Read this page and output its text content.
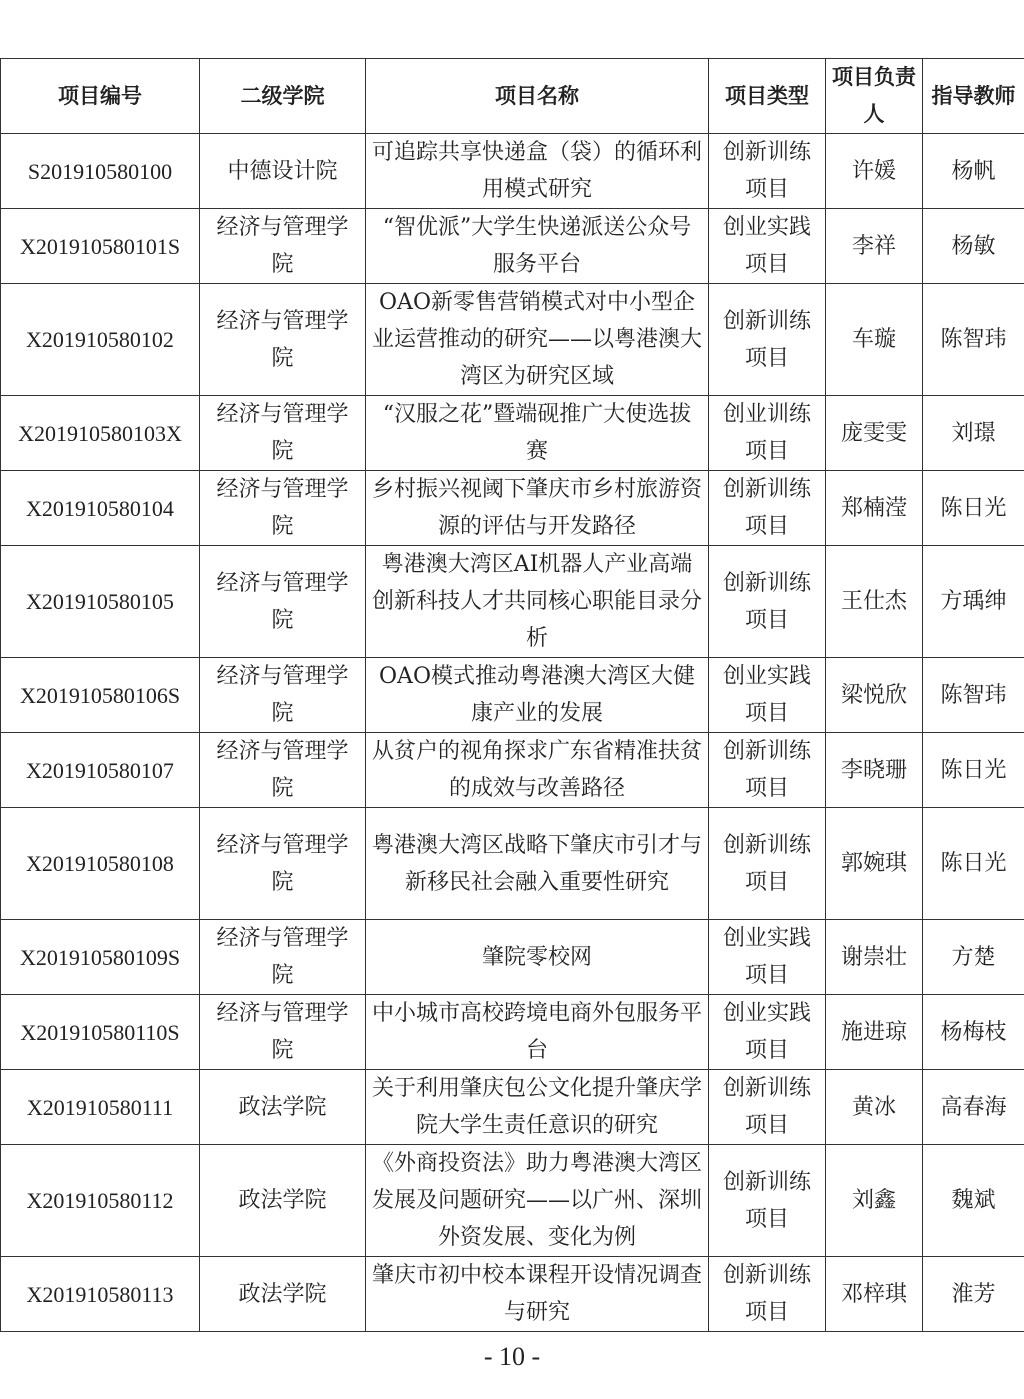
项目编号	二级学院	项目名称	项目类型	项目负责人	指导教师
S201910580100	中德设计院	可追踪共享快递盒（袋）的循环利用模式研究	创新训练项目	许媛	杨帆
X201910580101S	经济与管理学院	“智优派”大学生快递派送公众号服务平台	创业实践项目	李祥	杨敏
X201910580102	经济与管理学院	OAO新零售营销模式对中小型企业运营推动的研究——以粤港澳大湾区为研究区域	创新训练项目	车璇	陈智玮
X201910580103X	经济与管理学院	“汉服之花”暨端砚推广大使选拔赛	创业训练项目	庞雯雯	刘璟
X201910580104	经济与管理学院	乡村振兴视阈下肇庆市乡村旅游资源的评估与开发路径	创新训练项目	郑楠滢	陈日光
X201910580105	经济与管理学院	粤港澳大湾区AI机器人产业高端创新科技人才共同核心职能目录分析	创新训练项目	王仕杰	方瑀绅
X201910580106S	经济与管理学院	OAO模式推动粤港澳大湾区大健康产业的发展	创业实践项目	梁悦欣	陈智玮
X201910580107	经济与管理学院	从贫户的视角探求广东省精准扶贫的成效与改善路径	创新训练项目	李晓珊	陈日光
X201910580108	经济与管理学院	粤港澳大湾区战略下肇庆市引才与新移民社会融入重要性研究	创新训练项目	郭婉琪	陈日光
X201910580109S	经济与管理学院	肇院零校网	创业实践项目	谢崇壮	方楚
X201910580110S	经济与管理学院	中小城市高校跨境电商外包服务平台	创业实践项目	施进琼	杨梅枝
X201910580111	政法学院	关于利用肇庆包公文化提升肇庆学院大学生责任意识的研究	创新训练项目	黄冰	高春海
X201910580112	政法学院	《外商投资法》助力粤港澳大湾区发展及问题研究——以广州、深圳外资发展、变化为例	创新训练项目	刘鑫	魏斌
X201910580113	政法学院	肇庆市初中校本课程开设情况调查与研究	创新训练项目	邓梓琪	淮芳
- 10 -
